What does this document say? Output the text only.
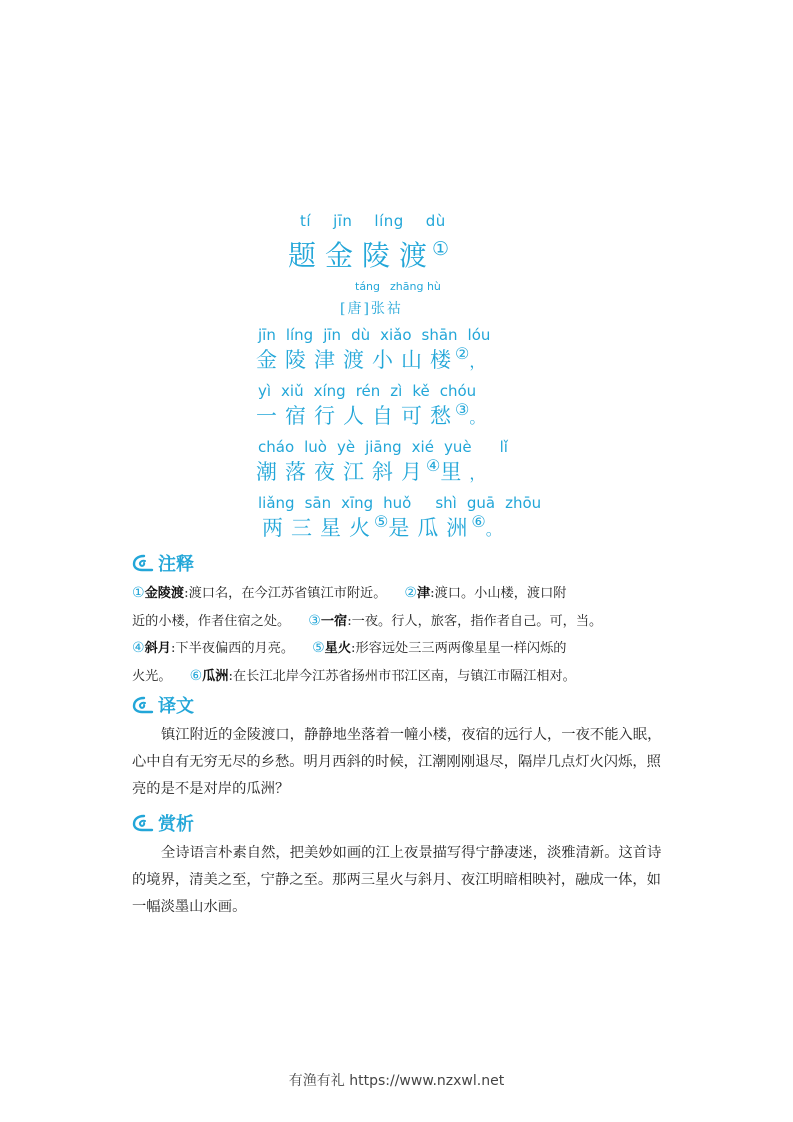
tí jīn líng dù
题金陵渡①
táng zhāng hù
[唐]张祜
jīn líng jīn dù xiǎo shān lóu
金陵津渡小山楼②，
yì xiǔ xíng rén zì kě chóu
一宿行人自可愁③。
cháo luò yè jiāng xié yuè lǐ
潮落夜江斜月④里，
liǎng sān xīng huǒ shì guā zhōu
两三星火⑤是瓜洲⑥。
注释
①金陵渡:渡口名，在今江苏省镇江市附近。 ②津:渡口。小山楼，渡口附
近的小楼，作者住宿之处。 ③一宿:一夜。行人，旅客，指作者自己。可，当。
④斜月:下半夜偏西的月亮。 ⑤星火:形容远处三三两两像星星一样闪烁的
火光。 ⑥瓜洲:在长江北岸今江苏省扬州市邗江区南，与镇江市隔江相对。
译文
镇江附近的金陵渡口，静静地坐落着一幢小楼，夜宿的远行人，一夜不能入眠，心中自有无穷无尽的乡愁。明月西斜的时候，江潮刚刚退尽，隔岸几点灯火闪烁，照亮的是不是对岸的瓜洲？
赏析
全诗语言朴素自然，把美妙如画的江上夜景描写得宁静凄迷，淡雅清新。这首诗的境界，清美之至，宁静之至。那两三星火与斜月、夜江明暗相映衬，融成一体，如一幅淡墨山水画。
有渔有礼 https://www.nzxwl.net
